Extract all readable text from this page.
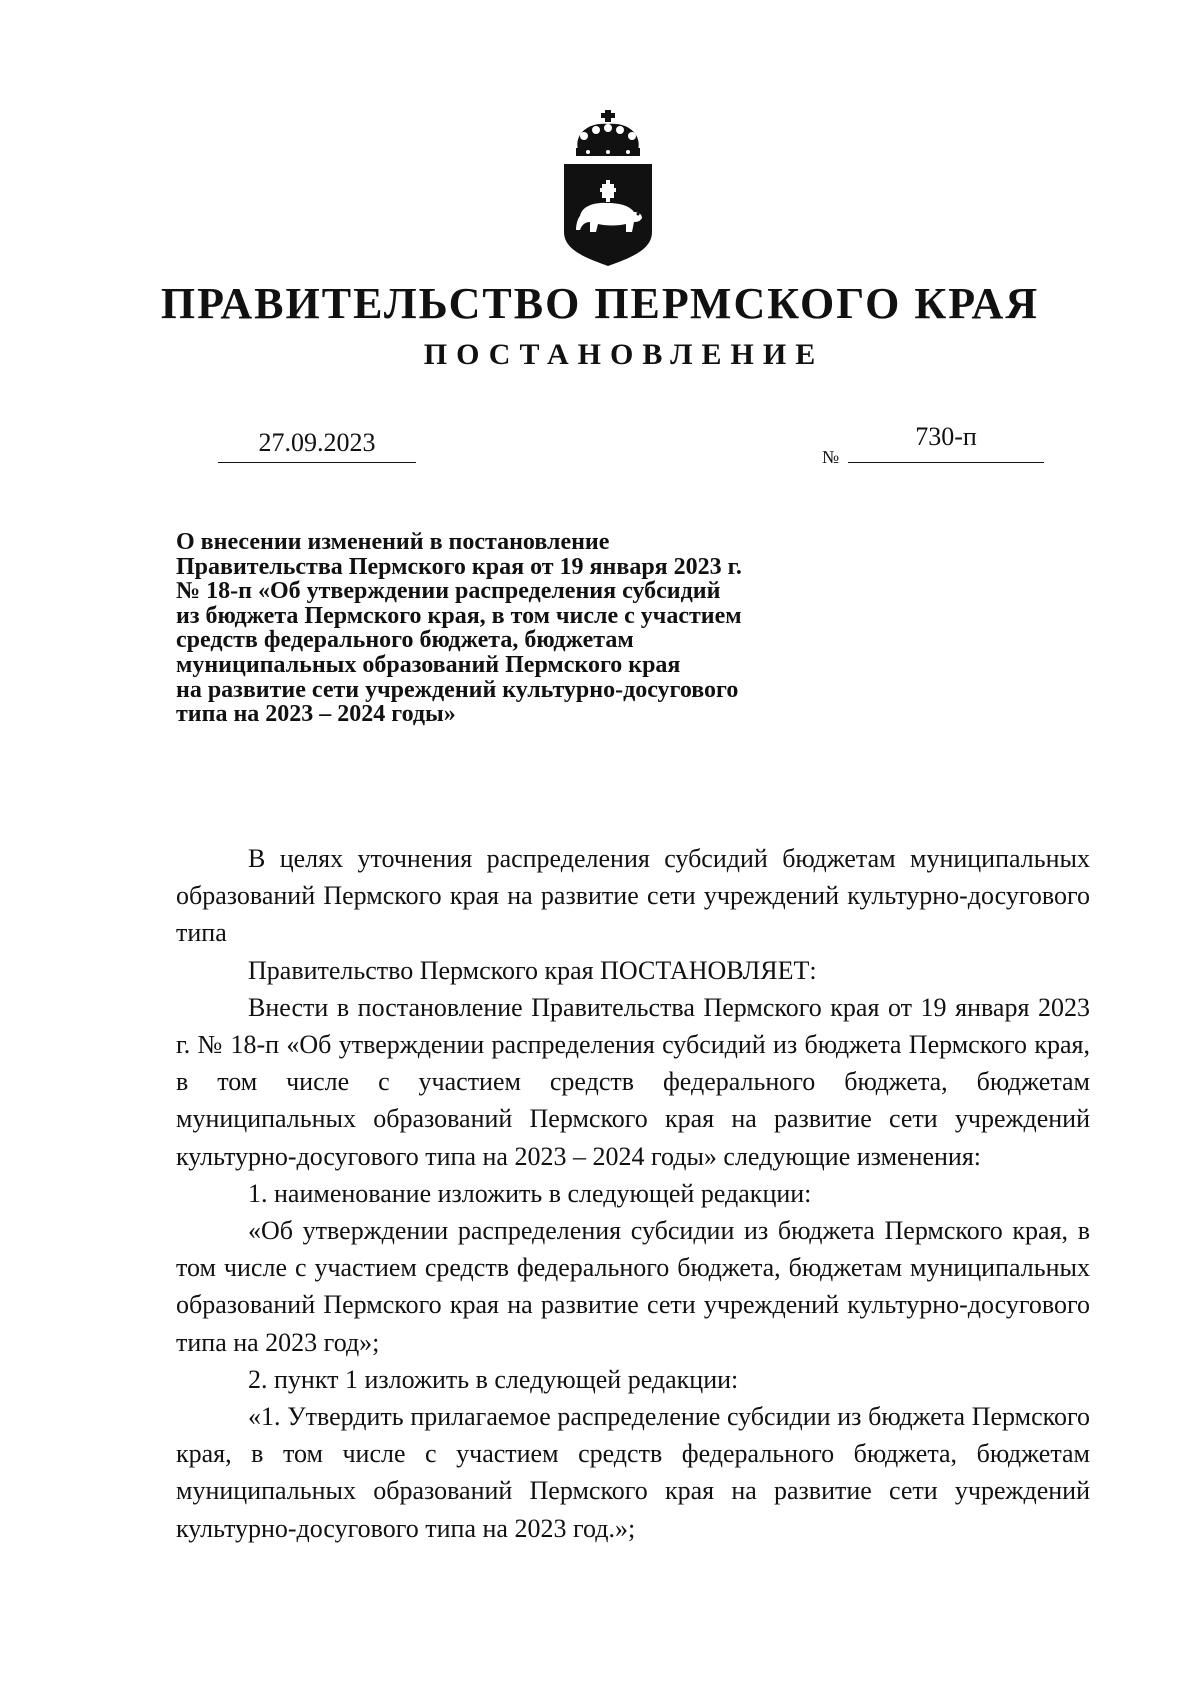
ПРАВИТЕЛЬСТВО ПЕРМСКОГО КРАЯ
ПОСТАНОВЛЕНИЕ
27.09.2023	№
730-п
О внесении изменений в постановление
Правительства Пермского края от 19 января 2023 г.
№ 18-п «Об утверждении распределения субсидий
из бюджета Пермского края, в том числе с участием
средств федерального бюджета, бюджетам
муниципальных образований Пермского края
на развитие сети учреждений культурно-досугового
типа на 2023 – 2024 годы»

В целях уточнения распределения субсидий бюджетам муниципальных образований Пермского края на развитие сети учреждений культурно-досугового типа

Правительство Пермского края ПОСТАНОВЛЯЕТ:

Внести в постановление Правительства Пермского края от 19 января 2023 г. № 18-п «Об утверждении распределения субсидий из бюджета Пермского края, в том числе с участием средств федерального бюджета, бюджетам муниципальных образований Пермского края на развитие сети учреждений культурно-досугового типа на 2023 – 2024 годы» следующие изменения:

1. наименование изложить в следующей редакции:

«Об утверждении распределения субсидии из бюджета Пермского края, в том числе с участием средств федерального бюджета, бюджетам муниципальных образований Пермского края на развитие сети учреждений культурно-досугового типа на 2023 год»;

2. пункт 1 изложить в следующей редакции:

«1. Утвердить прилагаемое распределение субсидии из бюджета Пермского края, в том числе с участием средств федерального бюджета, бюджетам муниципальных образований Пермского края на развитие сети учреждений культурно-досугового типа на 2023 год.»;
